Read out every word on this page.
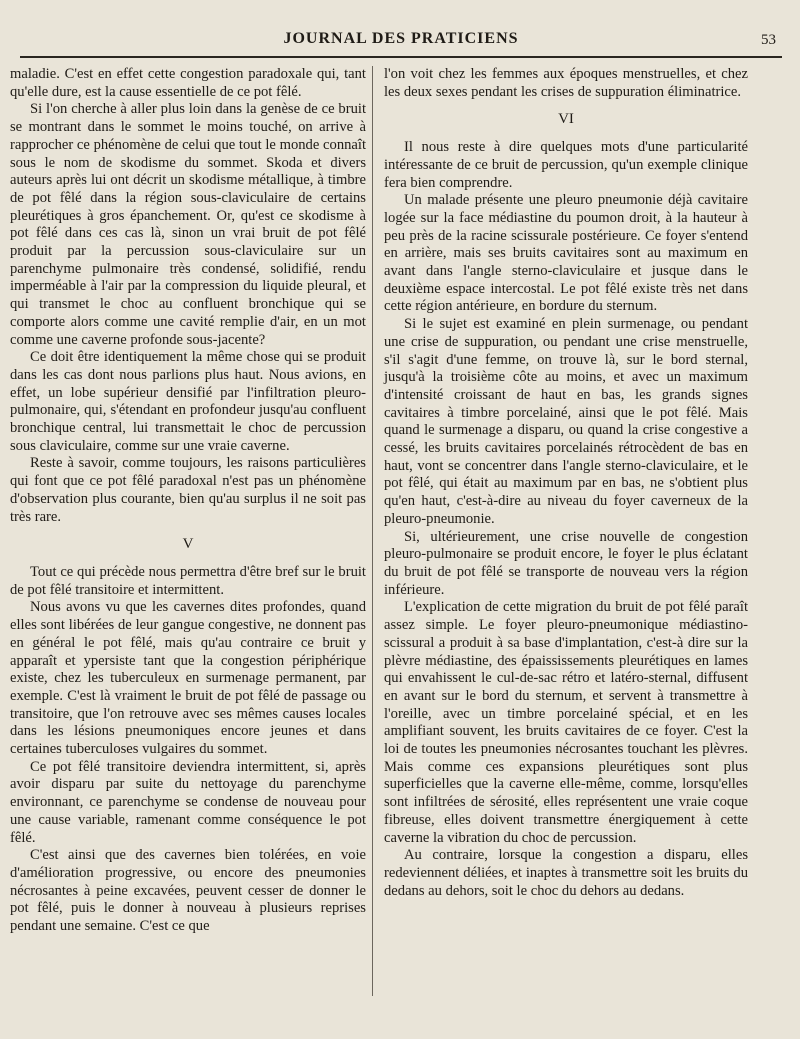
JOURNAL DES PRATICIENS	53

maladie. C'est en effet cette congestion paradoxale qui, tant qu'elle dure, est la cause essentielle de ce pot fêlé.

Si l'on cherche à aller plus loin dans la genèse de ce bruit se montrant dans le sommet le moins touché, on arrive à rapprocher ce phénomène de celui que tout le monde connaît sous le nom de skodisme du sommet. Skoda et divers auteurs après lui ont décrit un skodisme métallique, à timbre de pot fêlé dans la région sous-claviculaire de certains pleurétiques à gros épanchement. Or, qu'est ce skodisme à pot fêlé dans ces cas là, sinon un vrai bruit de pot fêlé produit par la percussion sous-claviculaire sur un parenchyme pulmonaire très condensé, solidifié, rendu imperméable à l'air par la compression du liquide pleural, et qui transmet le choc au confluent bronchique qui se comporte alors comme une cavité remplie d'air, en un mot comme une caverne profonde sous-jacente?

Ce doit être identiquement la même chose qui se produit dans les cas dont nous parlions plus haut. Nous avions, en effet, un lobe supérieur densifié par l'infiltration pleuro-pulmonaire, qui, s'étendant en profondeur jusqu'au confluent bronchique central, lui transmettait le choc de percussion sous claviculaire, comme sur une vraie caverne.

Reste à savoir, comme toujours, les raisons particulières qui font que ce pot fêlé paradoxal n'est pas un phénomène d'observation plus courante, bien qu'au surplus il ne soit pas très rare.

V

Tout ce qui précède nous permettra d'être bref sur le bruit de pot fêlé transitoire et intermittent.

Nous avons vu que les cavernes dites profondes, quand elles sont libérées de leur gangue congestive, ne donnent pas en général le pot fêlé, mais qu'au contraire ce bruit y apparaît et ypersiste tant que la congestion périphérique existe, chez les tuberculeux en surmenage permanent, par exemple. C'est là vraiment le bruit de pot fêlé de passage ou transitoire, que l'on retrouve avec ses mêmes causes locales dans les lésions pneumoniques encore jeunes et dans certaines tuberculoses vulgaires du sommet.

Ce pot fêlé transitoire deviendra intermittent, si, après avoir disparu par suite du nettoyage du parenchyme environnant, ce parenchyme se condense de nouveau pour une cause variable, ramenant comme conséquence le pot fêlé.

C'est ainsi que des cavernes bien tolérées, en voie d'amélioration progressive, ou encore des pneumonies nécrosantes à peine excavées, peuvent cesser de donner le pot fêlé, puis le donner à nouveau à plusieurs reprises pendant une semaine. C'est ce que

l'on voit chez les femmes aux époques menstruelles, et chez les deux sexes pendant les crises de suppuration éliminatrice.

VI

Il nous reste à dire quelques mots d'une particularité intéressante de ce bruit de percussion, qu'un exemple clinique fera bien comprendre.

Un malade présente une pleuro pneumonie déjà cavitaire logée sur la face médiastine du poumon droit, à la hauteur à peu près de la racine scissurale postérieure. Ce foyer s'entend en arrière, mais ses bruits cavitaires sont au maximum en avant dans l'angle sterno-claviculaire et jusque dans le deuxième espace intercostal. Le pot fêlé existe très net dans cette région antérieure, en bordure du sternum.

Si le sujet est examiné en plein surmenage, ou pendant une crise de suppuration, ou pendant une crise menstruelle, s'il s'agit d'une femme, on trouve là, sur le bord sternal, jusqu'à la troisième côte au moins, et avec un maximum d'intensité croissant de haut en bas, les grands signes cavitaires à timbre porcelainé, ainsi que le pot fêlé. Mais quand le surmenage a disparu, ou quand la crise congestive a cessé, les bruits cavitaires porcelainés rétrocèdent de bas en haut, vont se concentrer dans l'angle sterno-claviculaire, et le pot fêlé, qui était au maximum par en bas, ne s'obtient plus qu'en haut, c'est-à-dire au niveau du foyer caverneux de la pleuro-pneumonie.

Si, ultérieurement, une crise nouvelle de congestion pleuro-pulmonaire se produit encore, le foyer le plus éclatant du bruit de pot fêlé se transporte de nouveau vers la région inférieure.

L'explication de cette migration du bruit de pot fêlé paraît assez simple. Le foyer pleuro-pneumonique médiastino-scissural a produit à sa base d'implantation, c'est-à dire sur la plèvre médiastine, des épaississements pleurétiques en lames qui envahissent le cul-de-sac rétro et latéro-sternal, diffusent en avant sur le bord du sternum, et servent à transmettre à l'oreille, avec un timbre porcelainé spécial, et en les amplifiant souvent, les bruits cavitaires de ce foyer. C'est la loi de toutes les pneumonies nécrosantes touchant les plèvres. Mais comme ces expansions pleurétiques sont plus superficielles que la caverne elle-même, comme, lorsqu'elles sont infiltrées de sérosité, elles représentent une vraie coque fibreuse, elles doivent transmettre énergiquement à cette caverne la vibration du choc de percussion.

Au contraire, lorsque la congestion a disparu, elles redeviennent déliées, et inaptes à transmettre soit les bruits du dedans au dehors, soit le choc du dehors au dedans.
